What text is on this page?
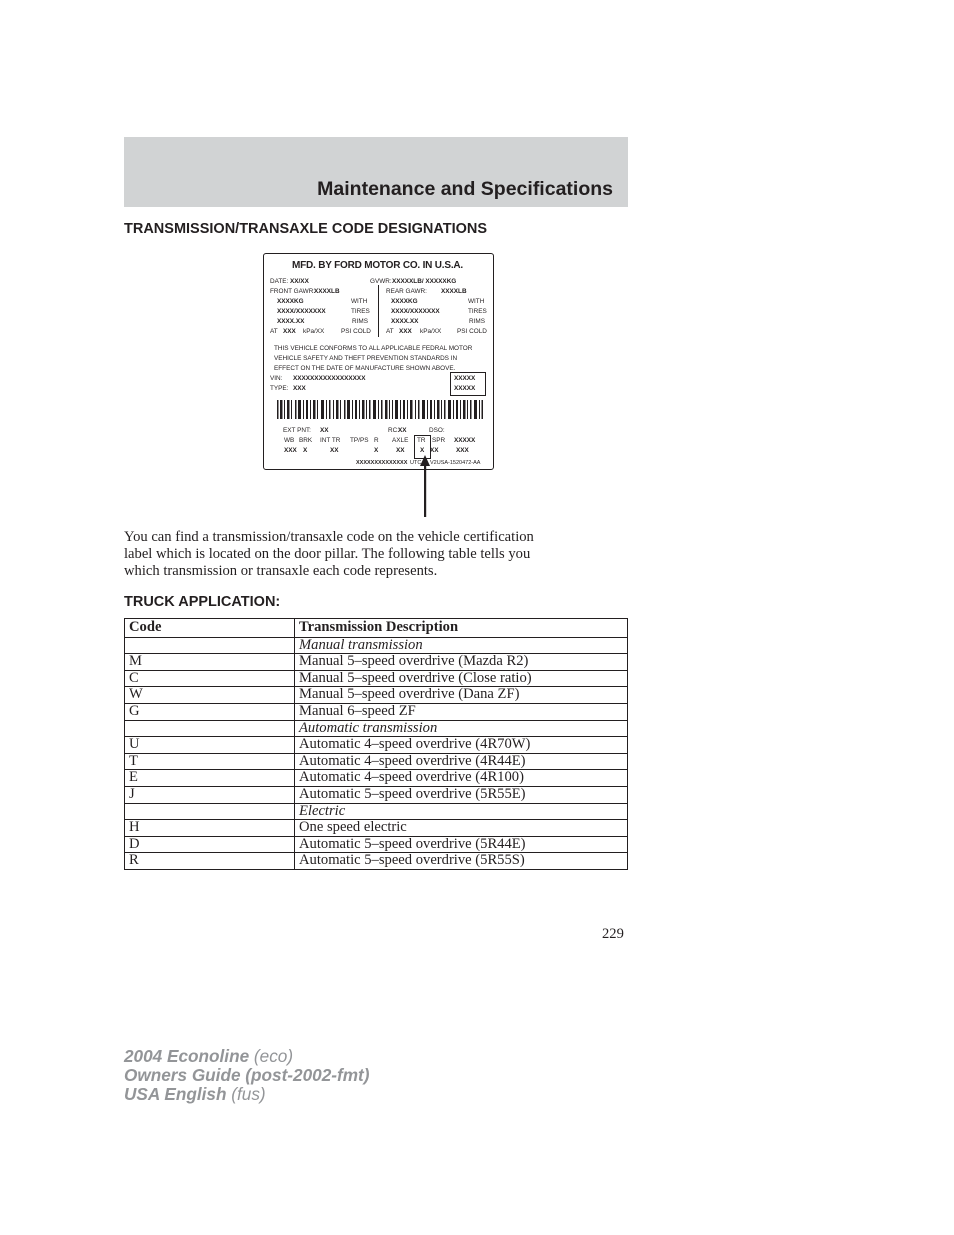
Maintenance and Specifications
TRANSMISSION/TRANSAXLE CODE DESIGNATIONS
MFD. BY FORD MOTOR CO. IN U.S.A.
DATE: XX/XX	GVWR: XXXXXLB/ XXXXXKG
FRONT GAWR:
XXXXLB
XXXXKG	WITH
XXXX/XXXXXXX	TIRES
XXXX.XX	RIMS
AT XXX kPa/XX	PSI COLD
REAR GAWR: XXXXLB
XXXXKG	WITH
XXXX/XXXXXXX	TIRES
XXXX.XX	RIMS
AT XXX kPa/XX PSI COLD
THIS VEHICLE CONFORMS TO ALL APPLICABLE FEDRAL MOTOR
VEHICLE SAFETY AND THEFT PREVENTION STANDARDS IN
EFFECT ON THE DATE OF MANUFACTURE SHOWN ABOVE.
VIN: XXXXXXXXXXXXXXXXX
TYPE: XXX
XXXXX
XXXXX
EXT PNT: XX	RC:
XX	DSO:
WB BRK INT TR TP/PS R AXLE TR SPR XXXXX
XXX X	XX	X	XX X XX	XXX
XXXXXXXXXXXXXX UTC V2USA-1520472-AA

You can find a transmission/transaxle code on the vehicle certification

label which is located on the door pillar. The following table tells you

which transmission or transaxle each code represents.

TRUCK APPLICATION:
Code	Transmission Description
	Manual transmission
M	Manual 5–speed overdrive (Mazda R2)
C	Manual 5–speed overdrive (Close ratio)
W	Manual 5–speed overdrive (Dana ZF)
G	Manual 6–speed ZF
	Automatic transmission
U	Automatic 4–speed overdrive (4R70W)
T	Automatic 4–speed overdrive (4R44E)
E	Automatic 4–speed overdrive (4R100)
J	Automatic 5–speed overdrive (5R55E)
	Electric
H	One speed electric
D	Automatic 5–speed overdrive (5R44E)
R	Automatic 5–speed overdrive (5R55S)
229
2004 Econoline (eco)
Owners Guide (post-2002-fmt)
USA English (fus)
